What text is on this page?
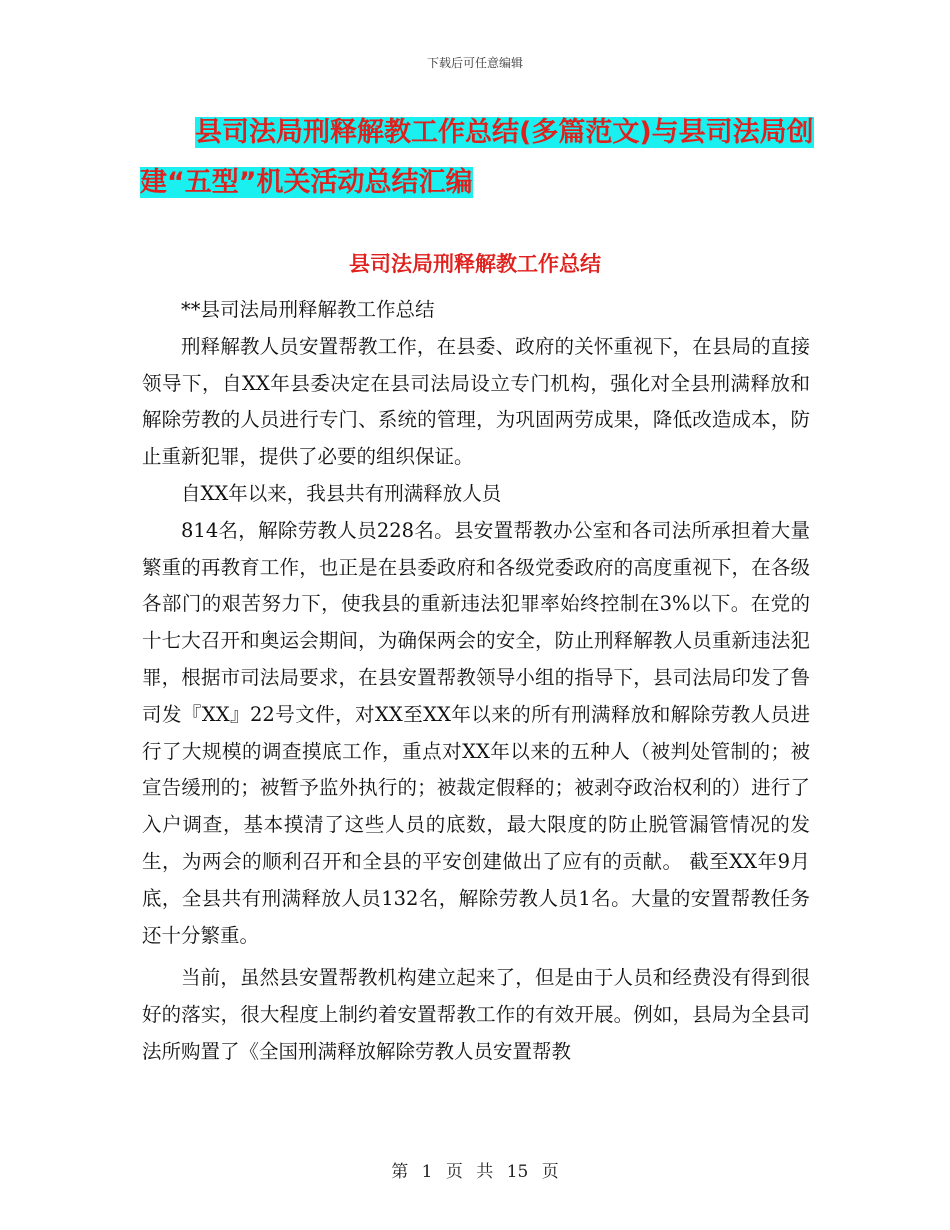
下载后可任意编辑
县司法局刑释解教工作总结(多篇范文)与县司法局创
建“五型”机关活动总结汇编
县司法局刑释解教工作总结

**县司法局刑释解教工作总结

刑释解教人员安置帮教工作，在县委、政府的关怀重视下，在县局的直接领导下，自XX年县委决定在县司法局设立专门机构，强化对全县刑满释放和解除劳教的人员进行专门、系统的管理，为巩固两劳成果，降低改造成本，防止重新犯罪，提供了必要的组织保证。

自XX年以来，我县共有刑满释放人员

814名，解除劳教人员228名。县安置帮教办公室和各司法所承担着大量繁重的再教育工作，也正是在县委政府和各级党委政府的高度重视下，在各级各部门的艰苦努力下，使我县的重新违法犯罪率始终控制在3%以下。在党的十七大召开和奥运会期间，为确保两会的安全，防止刑释解教人员重新违法犯罪，根据市司法局要求，在县安置帮教领导小组的指导下，县司法局印发了鲁司发『XX』22号文件，对XX至XX年以来的所有刑满释放和解除劳教人员进行了大规模的调查摸底工作，重点对XX年以来的五种人（被判处管制的；被宣告缓刑的；被暂予监外执行的；被裁定假释的；被剥夺政治权利的）进行了入户调查，基本摸清了这些人员的底数，最大限度的防止脱管漏管情况的发生，为两会的顺利召开和全县的平安创建做出了应有的贡献。 截至XX年9月底，全县共有刑满释放人员132名，解除劳教人员1名。大量的安置帮教任务还十分繁重。

当前，虽然县安置帮教机构建立起来了，但是由于人员和经费没有得到很好的落实，很大程度上制约着安置帮教工作的有效开展。例如，县局为全县司法所购置了《全国刑满释放解除劳教人员安置帮教

第 1 页 共 15 页
